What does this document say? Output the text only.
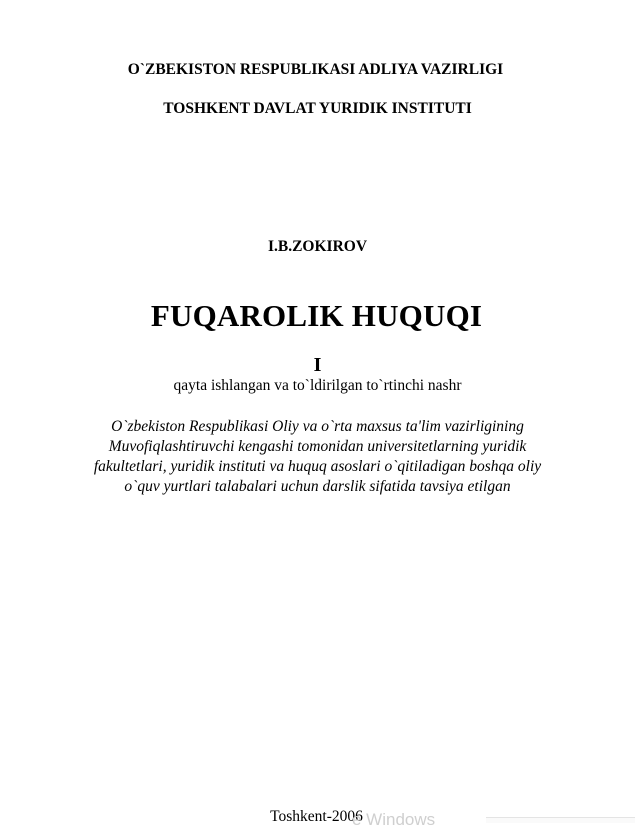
O`ZBEKISTON RESPUBLIKASI ADLIYA VAZIRLIGI
TOSHKENT DAVLAT YURIDIK INSTITUTI
I.B.ZOKIROV
FUQAROLIK HUQUQI
I
qayta ishlangan va to`ldirilgan to`rtinchi nashr
O`zbekiston Respublikasi Oliy va o`rta maxsus ta'lim vazirligining
Muvofiqlashtiruvchi kengashi tomonidan universitetlarning yuridik
fakultetlari, yuridik instituti va huquq asoslari o`qitiladigan boshqa oliy
o`quv yurtlari talabalari uchun darslik sifatida tavsiya etilgan
Toshkent-2006
e Windows
